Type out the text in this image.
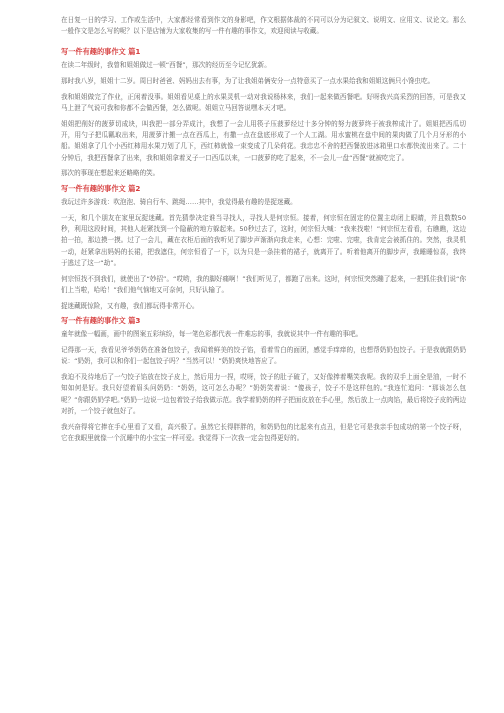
在日复一日的学习、工作或生活中，大家都经常看到作文的身影吧，作文根据体裁的不同可以分为记叙文、说明文、应用文、议论文。那么一般作文是怎么写的呢？以下是店铺为大家收集的写一件有趣的事作文，欢迎阅读与收藏。

写一件有趣的事作文 篇1

在读二年级时，我曾和姐姐做过一顿“西餐”，那次的经历至今记忆犹新。

那时我八岁，姐姐十二岁。周日时爸爸、妈妈出去有事，为了让我姐弟俩安分一点特意买了一点水果给我和姐姐这俩只小馋虫吃。

我和姐姐做完了作业，正闲着没事。姐姐看见桌上的水果灵机一动对我说杨林来，我们一起来做西餐吧。好呀我兴高采烈的回答，可是我又马上泄了气说可我和你都不会做西餐，怎么做呢。姐姐立马回答说嘿本天才吧。

姐姐把削好的菠萝切成块，叫我把一部分弄成汁，我想了一会儿用筷子压菠萝经过十多分钟的努力菠萝终于被我榨成汁了。姐姐把西瓜切开，用勺子把瓜瓤取出来，用菠萝汁搬一点在西瓜上，有撒一点在盘底形成了一个人工湖。用水蜜桃在盘中间的果肉做了几个月牙形的小船。姐姐拿了几个小西红柿用水果刀划了几下，西红柿就像一束变成了几朵荷花。我忠忠不舍的把西餐放进冰箱里口水都快流出来了。二十分钟后，我把西餐拿了出来，我和姐姐拿着叉子一口西瓜以来，一口菠萝的吃了起来，不一会儿一盘“西餐”就被吃完了。

那次的事现在想起来还略略的笑。

写一件有趣的事作文 篇2

我玩过许多游戏：吹泡泡、骑自行车、跳绳……其中，我觉得最有趣的是捉迷藏。

一天，和几个朋友在家里玩捉迷藏。首先猜拳决定谁当寻找人，寻找人是何宗恒。接着，何宗恒在固定的位置主动闭上眼睛，并且数数50秒，利用这段时间，其他人赶紧找到一个隐蔽的地方躲起来。50秒过去了，这时，何宗恒大喊：“我来找啦！”何宗恒左看看，右瞧瞧，这边拍一拍，那边摸一摸。过了一会儿，藏在衣柜后面的我听见了脚步声渐渐向我走来，心想：完啦、完啦，我肯定会被抓住的。突然，我灵机一动，赶紧拿出妈妈的长裙，把我遮住，何宗恒看了一下，以为只是一条挂着的裙子，就离开了。听着他离开的脚步声，我睡睡惊喜，我终于逃过了这一“劫”。

何宗恒找不到我们，就使出了“妙招”。“哎哟，我的脚好痛啊！”我们听见了，都跑了出来。这时，何宗恒突然蹦了起来，一把抓住我们说“你们上当啦，哈哈！”我们他气恼地又可奈何，只好认输了。

捉迷藏既惊险，又有趣，我们都玩得非常开心。

写一件有趣的事作文 篇3

童年就像一幅画，画中的图案五彩缤纷，每一笔色彩都代表一件难忘的事，我就说其中一件有趣的事吧。

记得那一天，我看见爷爷奶奶在准备包饺子，我闻着鲜美的饺子馅，看着雪白的面团，感觉手痒痒的，也想帮奶奶包饺子。于是我就跟奶奶说：“奶奶，我可以和你们一起包饺子吗？”当然可以！”奶奶爽快地答应了。

我迫不及待地后了一勺饺子馅放在饺子皮上，然后用力一捏，哎呀，饺子的肚子破了，又好像捧着嘴笑我呢。我的双手上面全是油，一时不知如何是好。我只好望着眉头问奶奶：“奶奶，这可怎么办呢？”奶奶笑着说：“傻孩子，饺子不是这样包的。”我连忙追问：“那该怎么包呢？”你跟奶奶学吧。”奶奶一边说一边包着饺子给我做示范。我学着奶奶的样子把面皮放在手心里，然后放上一点肉馅，最后将饺子皮的两边对折，一个饺子就包好了。

我兴奋得将它捧在手心里看了又看，高兴极了。虽然它长得胖胖的，和奶奶包的比起来有点丑，但是它可是我亲手包成功的第一个饺子呀，它在我眼里就像一个沉睡中的小宝宝一样可爱。我觉得下一次我一定会包得更好的。
